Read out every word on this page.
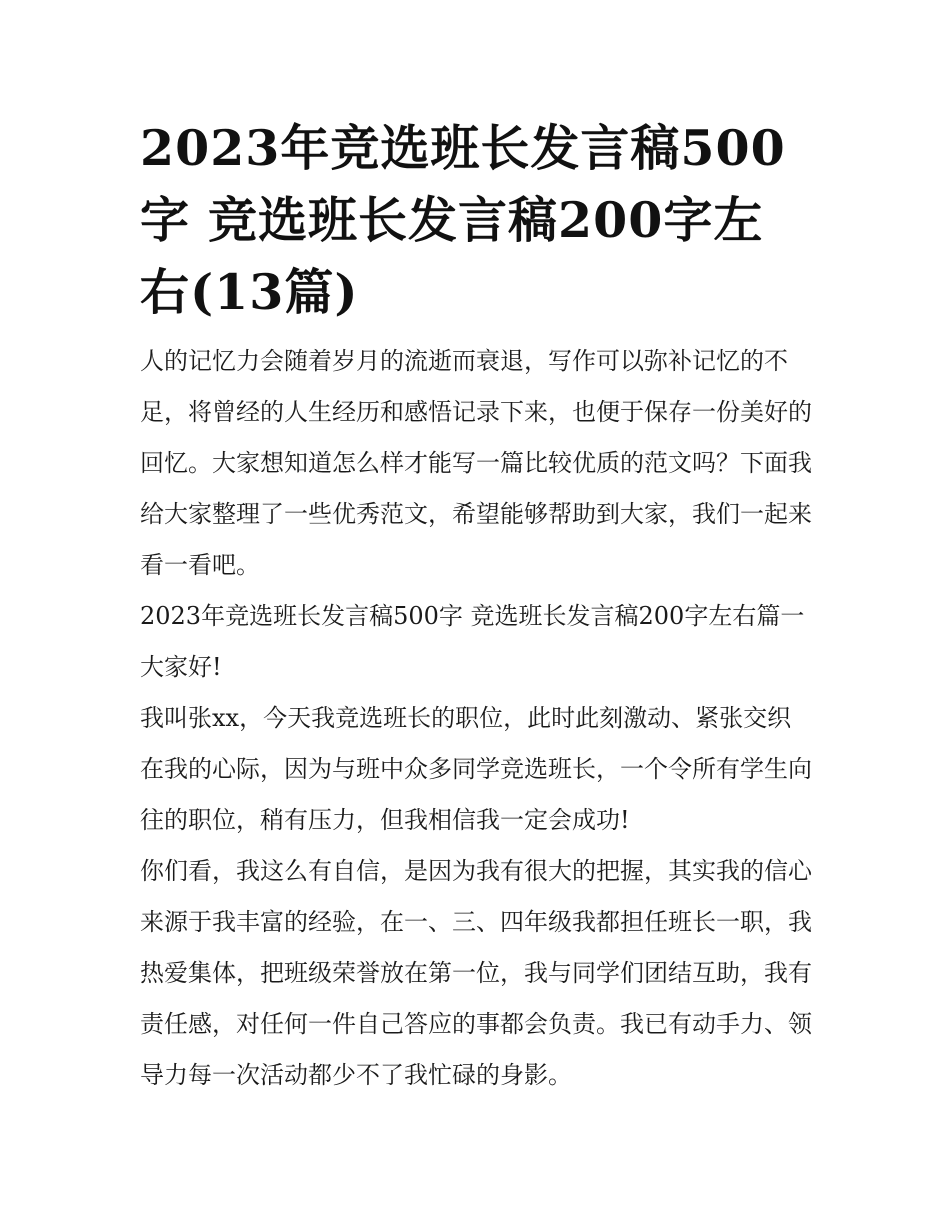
2023年竞选班长发言稿500字 竞选班长发言稿200字左右(13篇)

人的记忆力会随着岁月的流逝而衰退，写作可以弥补记忆的不足，将曾经的人生经历和感悟记录下来，也便于保存一份美好的回忆。大家想知道怎么样才能写一篇比较优质的范文吗？下面我给大家整理了一些优秀范文，希望能够帮助到大家，我们一起来看一看吧。

2023年竞选班长发言稿500字 竞选班长发言稿200字左右篇一 大家好!

我叫张xx，今天我竞选班长的职位，此时此刻激动、紧张交织在我的心际，因为与班中众多同学竞选班长，一个令所有学生向往的职位，稍有压力，但我相信我一定会成功!

你们看，我这么有自信，是因为我有很大的把握，其实我的信心来源于我丰富的经验，在一、三、四年级我都担任班长一职，我热爱集体，把班级荣誉放在第一位，我与同学们团结互助，我有责任感，对任何一件自己答应的事都会负责。我已有动手力、领导力每一次活动都少不了我忙碌的身影。
